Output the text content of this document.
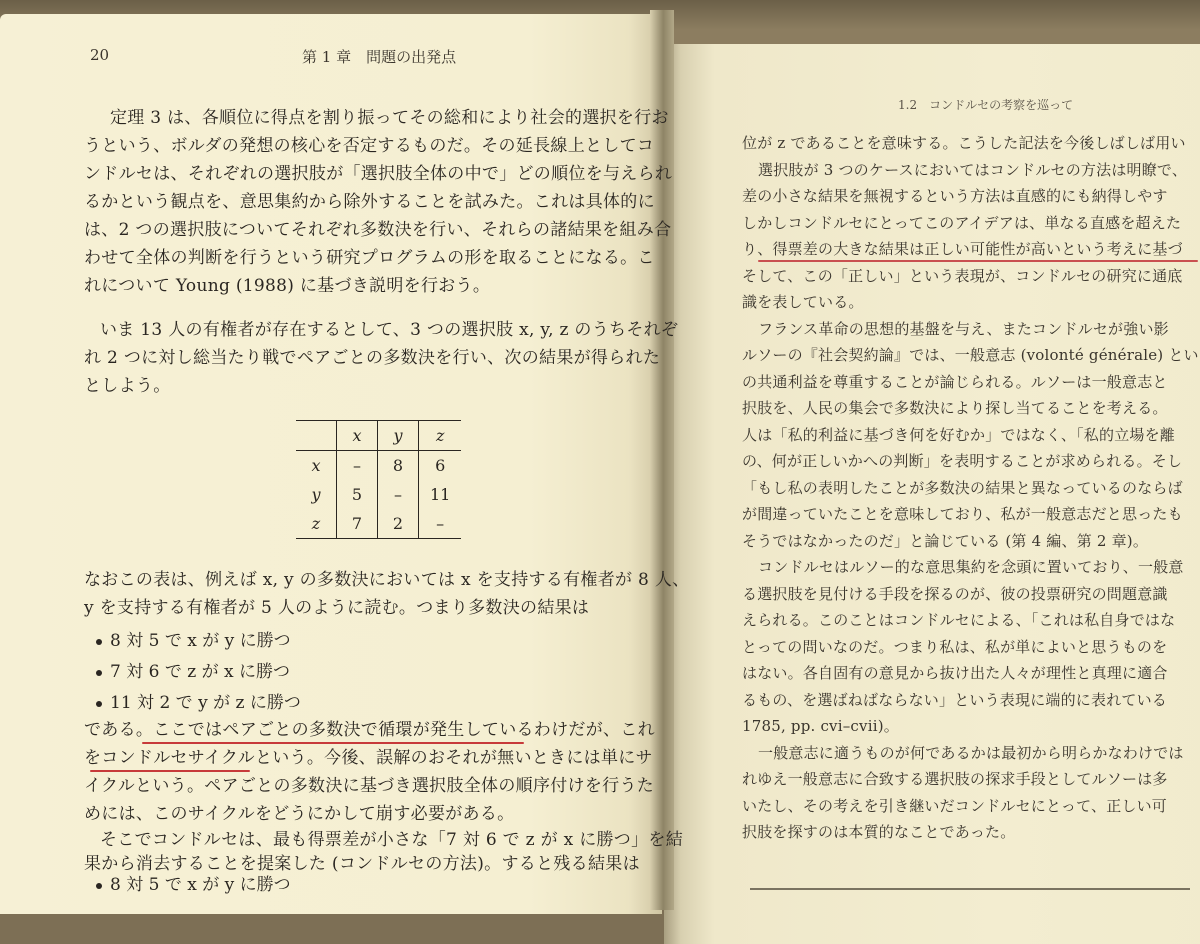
20	第 1 章　問題の出発点
定理 3 は、各順位に得点を割り振ってその総和により社会的選択を行お
うという、ボルダの発想の核心を否定するものだ。その延長線上としてコ
ンドルセは、それぞれの選択肢が「選択肢全体の中で」どの順位を与えられ
るかという観点を、意思集約から除外することを試みた。これは具体的に
は、2 つの選択肢についてそれぞれ多数決を行い、それらの諸結果を組み合
わせて全体の判断を行うという研究プログラムの形を取ることになる。こ
れについて Young (1988) に基づき説明を行おう。
いま 13 人の有権者が存在するとして、3 つの選択肢 x, y, z のうちそれぞ
れ 2 つに対し総当たり戦でペアごとの多数決を行い、次の結果が得られた
としよう。
	x	y	z
x	–	8	6
y	5	–	11
z	7	2	–
なおこの表は、例えば x, y の多数決においては x を支持する有権者が 8 人、
y を支持する有権者が 5 人のように読む。つまり多数決の結果は
8 対 5 で x が y に勝つ
7 対 6 で z が x に勝つ
11 対 2 で y が z に勝つ
である。ここではペアごとの多数決で循環が発生しているわけだが、これ
をコンドルセサイクルという。今後、誤解のおそれが無いときには単にサ
イクルという。ペアごとの多数決に基づき選択肢全体の順序付けを行うた
めには、このサイクルをどうにかして崩す必要がある。
そこでコンドルセは、最も得票差が小さな「7 対 6 で z が x に勝つ」を結
果から消去することを提案した (コンドルセの方法)。すると残る結果は
8 対 5 で x が y に勝つ
1.2　コンドルセの考察を巡って
位が z であることを意味する。こうした記法を今後しばしば用い
選択肢が 3 つのケースにおいてはコンドルセの方法は明瞭で、
差の小さな結果を無視するという方法は直感的にも納得しやす
しかしコンドルセにとってこのアイデアは、単なる直感を超えた
り、得票差の大きな結果は正しい可能性が高いという考えに基づ
そして、この「正しい」という表現が、コンドルセの研究に通底
識を表している。
フランス革命の思想的基盤を与え、またコンドルセが強い影
ルソーの『社会契約論』では、一般意志 (volonté générale) とい
の共通利益を尊重することが論じられる。ルソーは一般意志と
択肢を、人民の集会で多数決により探し当てることを考える。
人は「私的利益に基づき何を好むか」ではなく、「私的立場を離
の、何が正しいかへの判断」を表明することが求められる。そし
「もし私の表明したことが多数決の結果と異なっているのならば
が間違っていたことを意味しており、私が一般意志だと思ったも
そうではなかったのだ」と論じている (第 4 編、第 2 章)。
コンドルセはルソー的な意思集約を念頭に置いており、一般意
る選択肢を見付ける手段を探るのが、彼の投票研究の問題意識
えられる。このことはコンドルセによる、「これは私自身ではな
とっての問いなのだ。つまり私は、私が単によいと思うものを
はない。各自固有の意見から抜け出た人々が理性と真理に適合
るもの、を選ばねばならない」という表現に端的に表れている
1785, pp. cvi–cvii)。
一般意志に適うものが何であるかは最初から明らかなわけでは
れゆえ一般意志に合致する選択肢の探求手段としてルソーは多
いたし、その考えを引き継いだコンドルセにとって、正しい可
択肢を探すのは本質的なことであった。
